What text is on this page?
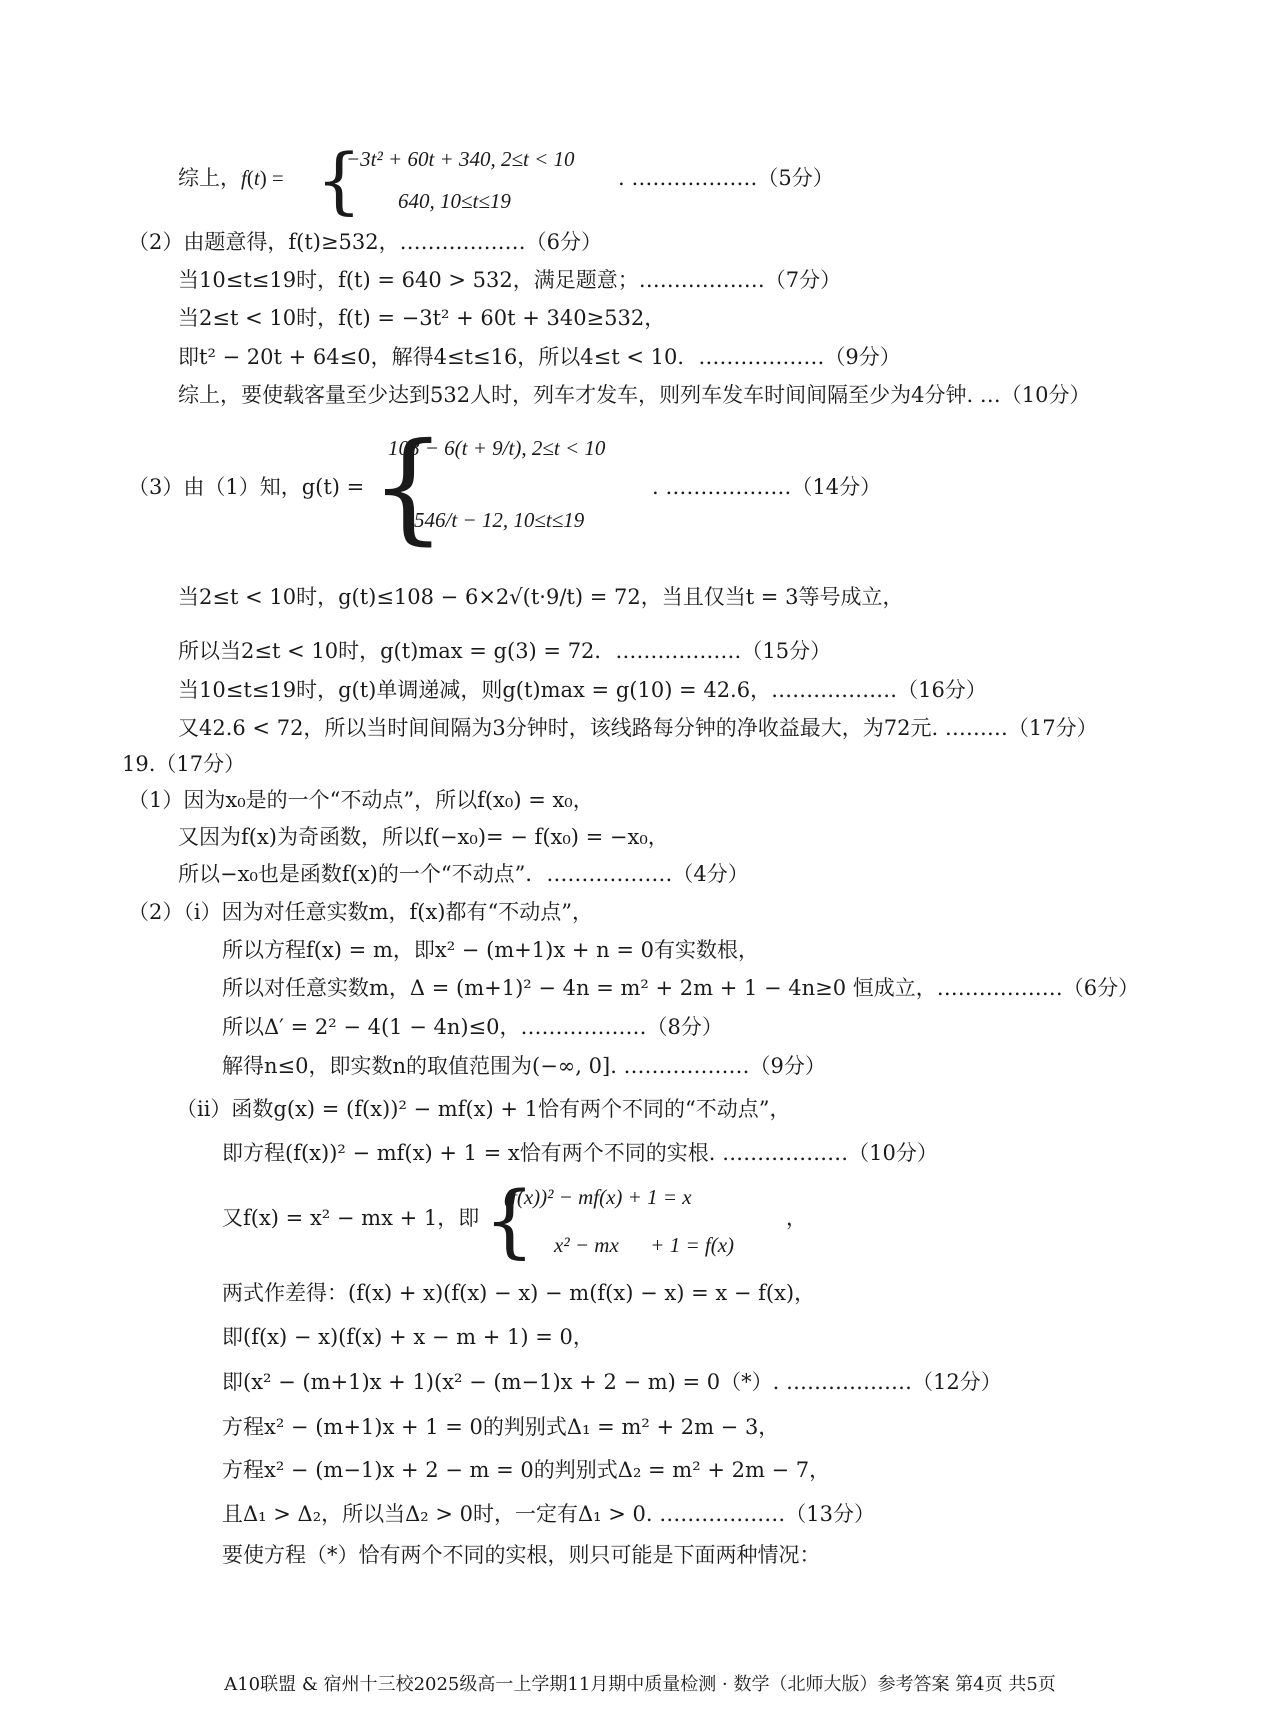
综上，f(t) = {
−3t² + 60t + 340, 2≤t < 10
640, 10≤t≤19
. ………………（5分）
（2）由题意得，f(t)≥532，………………（6分）
当10≤t≤19时，f(t) = 640 > 532，满足题意；………………（7分）
当2≤t < 10时，f(t) = −3t² + 60t + 340≥532，
即t² − 20t + 64≤0，解得4≤t≤16，所以4≤t < 10．………………（9分）
综上，要使载客量至少达到532人时，列车才发车，则列车发车时间间隔至少为4分钟. …（10分）
（3）由（1）知，g(t) = {
108 − 6(t + 9/t), 2≤t < 10
546/t − 12, 10≤t≤19
. ………………（14分）
当2≤t < 10时，g(t)≤108 − 6×2√(t·9/t) = 72，当且仅当t = 3等号成立，
所以当2≤t < 10时，g(t)max = g(3) = 72．………………（15分）
当10≤t≤19时，g(t)单调递减，则g(t)max = g(10) = 42.6，………………（16分）
又42.6 < 72，所以当时间间隔为3分钟时，该线路每分钟的净收益最大，为72元. ………（17分）
19.（17分）
（1）因为x₀是的一个“不动点”，所以f(x₀) = x₀，
又因为f(x)为奇函数，所以f(−x₀)= − f(x₀) = −x₀，
所以−x₀也是函数f(x)的一个“不动点”．………………（4分）
（2）（i）因为对任意实数m，f(x)都有“不动点”，
所以方程f(x) = m，即x² − (m+1)x + n = 0有实数根，
所以对任意实数m，Δ = (m+1)² − 4n = m² + 2m + 1 − 4n≥0 恒成立，………………（6分）
所以Δ′ = 2² − 4(1 − 4n)≤0，………………（8分）
解得n≤0，即实数n的取值范围为(−∞, 0]. ………………（9分）
（ii）函数g(x) = (f(x))² − mf(x) + 1恰有两个不同的“不动点”，
即方程(f(x))² − mf(x) + 1 = x恰有两个不同的实根. ………………（10分）
又f(x) = x² − mx + 1，即 {
(f(x))² − mf(x) + 1 = x
x² − mx      + 1 = f(x)
，
两式作差得：(f(x) + x)(f(x) − x) − m(f(x) − x) = x − f(x)，
即(f(x) − x)(f(x) + x − m + 1) = 0，
即(x² − (m+1)x + 1)(x² − (m−1)x + 2 − m) = 0（*）. ………………（12分）
方程x² − (m+1)x + 1 = 0的判别式Δ₁ = m² + 2m − 3，
方程x² − (m−1)x + 2 − m = 0的判别式Δ₂ = m² + 2m − 7，
且Δ₁ > Δ₂，所以当Δ₂ > 0时，一定有Δ₁ > 0. ………………（13分）
要使方程（*）恰有两个不同的实根，则只可能是下面两种情况：
A10联盟 & 宿州十三校2025级高一上学期11月期中质量检测 · 数学（北师大版）参考答案 第4页 共5页
